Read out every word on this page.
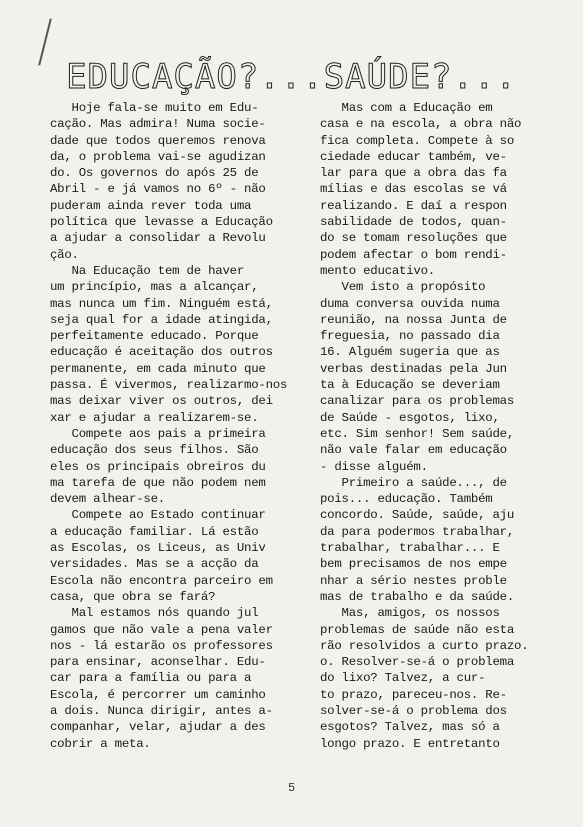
EDUCAÇÃO?...SAÚDE?...
Hoje fala-se muito em Edu-
cação. Mas admira! Numa socie-
dade que todos queremos renova
da, o problema vai-se agudizan
do. Os governos do após 25 de
Abril - e já vamos no 6º - não
puderam ainda rever toda uma
política que levasse a Educação
a ajudar a consolidar a Revolu
ção.
Na Educação tem de haver
um princípio, mas a alcançar,
mas nunca um fim. Ninguém está,
seja qual for a idade atingida,
perfeitamente educado. Porque
educação é aceitação dos outros
permanente, em cada minuto que
passa. É vivermos, realizarmo-nos
mas deixar viver os outros, dei
xar e ajudar a realizarem-se.
Compete aos pais a primeira
educação dos seus filhos. São
eles os principais obreiros du
ma tarefa de que não podem nem
devem alhear-se.
Compete ao Estado continuar
a educação familiar. Lá estão
as Escolas, os Liceus, as Univ
versidades. Mas se a acção da
Escola não encontra parceiro em
casa, que obra se fará?
Mal estamos nós quando jul
gamos que não vale a pena valer
nos - lá estarão os professores
para ensinar, aconselhar. Edu-
car para a família ou para a
Escola, é percorrer um caminho
a dois. Nunca dirigir, antes a-
companhar, velar, ajudar a des
cobrir a meta.
Mas com a Educação em
casa e na escola, a obra não
fica completa. Compete à so
ciedade educar também, ve-
lar para que a obra das fa
mílias e das escolas se vá
realizando. E daí a respon
sabilidade de todos, quan-
do se tomam resoluções que
podem afectar o bom rendi-
mento educativo.
Vem isto a propósito
duma conversa ouvida numa
reunião, na nossa Junta de
freguesia, no passado dia
16. Alguém sugeria que as
verbas destinadas pela Jun
ta à Educação se deveriam
canalizar para os problemas
de Saúde - esgotos, lixo,
etc. Sim senhor! Sem saúde,
não vale falar em educação
- disse alguém.
Primeiro a saúde..., de
pois... educação. Também
concordo. Saúde, saúde, aju
da para podermos trabalhar,
trabalhar, trabalhar... E
bem precisamos de nos empe
nhar a sério nestes proble
mas de trabalho e da saúde.
Mas, amigos, os nossos
problemas de saúde não esta
rão resolvidos a curto prazo.
o. Resolver-se-á o problema
do lixo? Talvez, a cur-
to prazo, pareceu-nos. Re-
solver-se-á o problema dos
esgotos? Talvez, mas só a
longo prazo. E entretanto
5
